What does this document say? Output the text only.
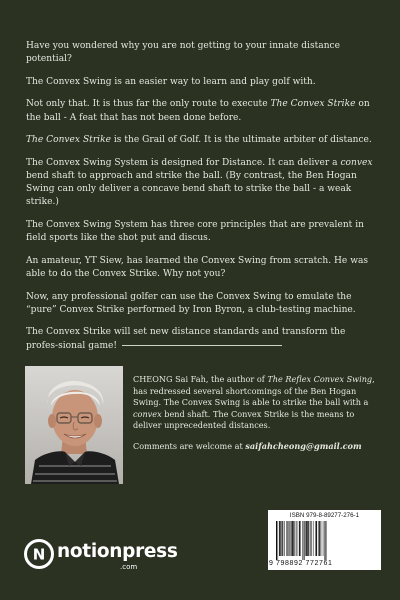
Have you wondered why you are not getting to your innate distance potential?

The Convex Swing is an easier way to learn and play golf with.

Not only that. It is thus far the only route to execute The Convex Strike on the ball - A feat that has not been done before.

The Convex Strike is the Grail of Golf. It is the ultimate arbiter of distance.

The Convex Swing System is designed for Distance. It can deliver a convex bend shaft to approach and strike the ball. (By contrast, the Ben Hogan Swing can only deliver a concave bend shaft to strike the ball - a weak strike.)

The Convex Swing System has three core principles that are prevalent in field sports like the shot put and discus.

An amateur, YT Siew, has learned the Convex Swing from scratch. He was able to do the Convex Strike. Why not you?

Now, any professional golfer can use the Convex Swing to emulate the “pure” Convex Strike performed by Iron Byron, a club-testing machine.

The Convex Strike will set new distance standards and transform the profes-sional game!

CHEONG Sai Fah, the author of The Reflex Convex Swing, has redressed several shortcomings of the Ben Hogan Swing. The Convex Swing is able to strike the ball with a convex bend shaft. The Convex Strike is the means to deliver unprecedented distances.

Comments are welcome at saifahcheong@gmail.com

ISBN 979-8-89277-276-1
9 798892 772761
N notionpress
.com
